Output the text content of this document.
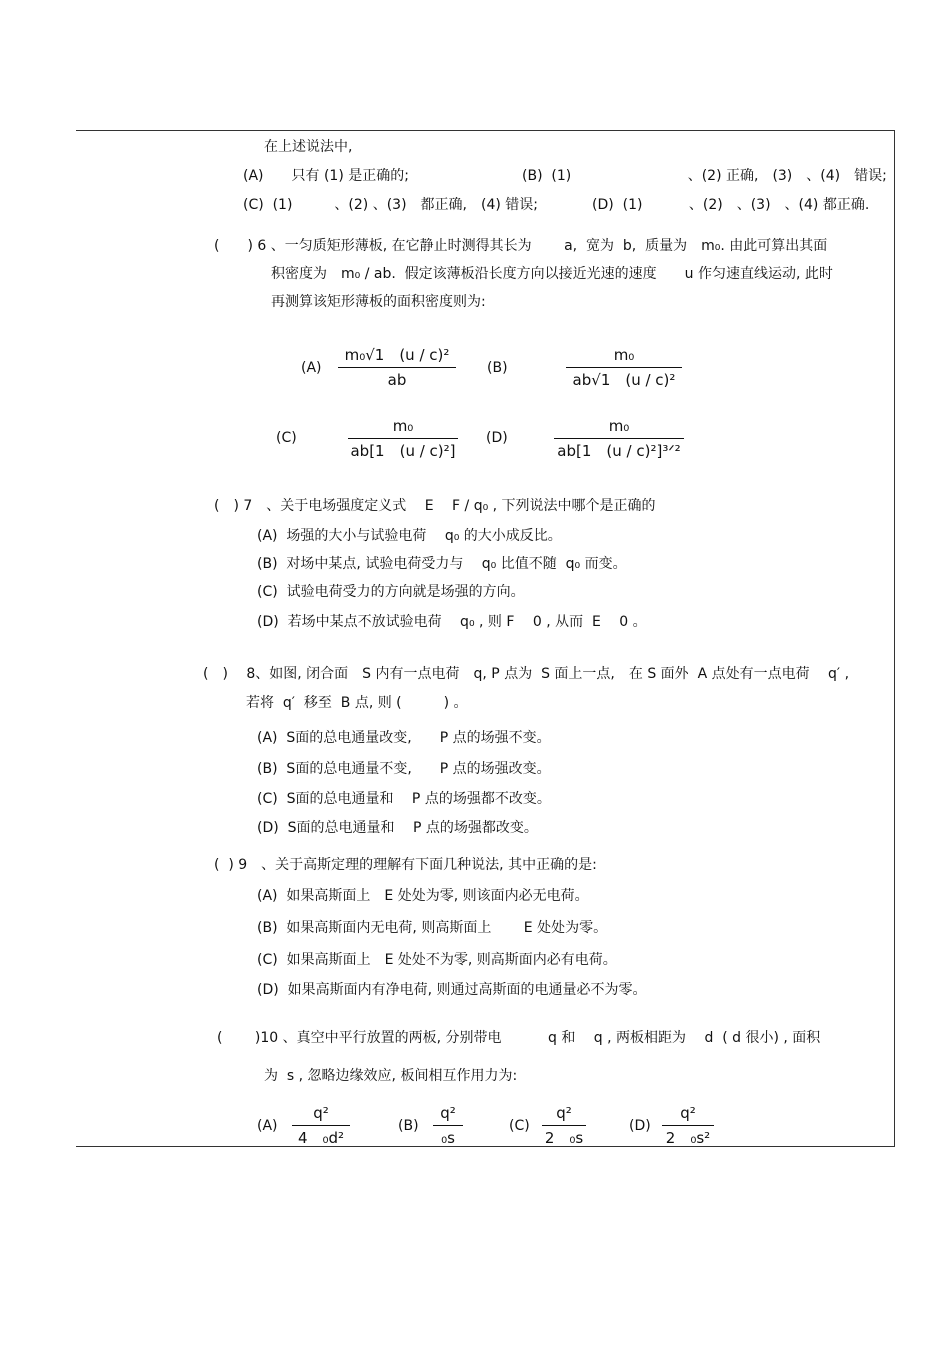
在上述说法中,
(A)　　只有 (1) 是正确的;	(B)  (1)　　　　　　　　 、(2) 正确,　(3)　、(4)　错误;
(C)  (1)　　　、(2) 、(3)　都正确,　(4) 错误;	(D)  (1)　　　 、(2)　、(3)　、(4) 都正确.
(　　) 6 、一匀质矩形薄板, 在它静止时测得其长为　　 a,  宽为  b,  质量为　m₀. 由此可算出其面
积密度为　m₀ / ab.  假定该薄板沿长度方向以接近光速的速度　　u 作匀速直线运动, 此时
再测算该矩形薄板的面积密度则为:
(A)
m₀√1　(u / c)²
ab
(B)
m₀
ab√1　(u / c)²
(C)
m₀
ab[1　(u / c)²]
(D)
m₀
ab[1　(u / c)²]³ᐟ²
(　) 7　、关于电场强度定义式　 E　 F / q₀ , 下列说法中哪个是正确的
(A)  场强的大小与试验电荷　 q₀ 的大小成反比。
(B)  对场中某点, 试验电荷受力与　 q₀ 比值不随  q₀ 而变。
(C)  试验电荷受力的方向就是场强的方向。
(D)  若场中某点不放试验电荷　 q₀ , 则 F　 0 , 从而  E　 0 。
(　)　 8、如图, 闭合面　S 内有一点电荷　q, P 点为  S 面上一点,　在 S 面外  A 点处有一点电荷　 q′ ,
若将  q′  移至  B 点, 则 (　　　) 。
(A)  S面的总电通量改变,　　P 点的场强不变。
(B)  S面的总电通量不变,　　P 点的场强改变。
(C)  S面的总电通量和　 P 点的场强都不改变。
(D)  S面的总电通量和　 P 点的场强都改变。
(  ) 9　、关于高斯定理的理解有下面几种说法, 其中正确的是:
(A)  如果高斯面上　E 处处为零, 则该面内必无电荷。
(B)  如果高斯面内无电荷, 则高斯面上　　 E 处处为零。
(C)  如果高斯面上　E 处处不为零, 则高斯面内必有电荷。
(D)  如果高斯面内有净电荷, 则通过高斯面的电通量必不为零。
(　　 )10 、真空中平行放置的两板, 分别带电　　　 q 和　 q , 两板相距为　 d  ( d 很小) , 面积
为  s , 忽略边缘效应, 板间相互作用力为:
(A)
q²
4　₀d²
(B)
q²
₀s
(C)
q²
2　₀s
(D)
q²
2　₀s²
